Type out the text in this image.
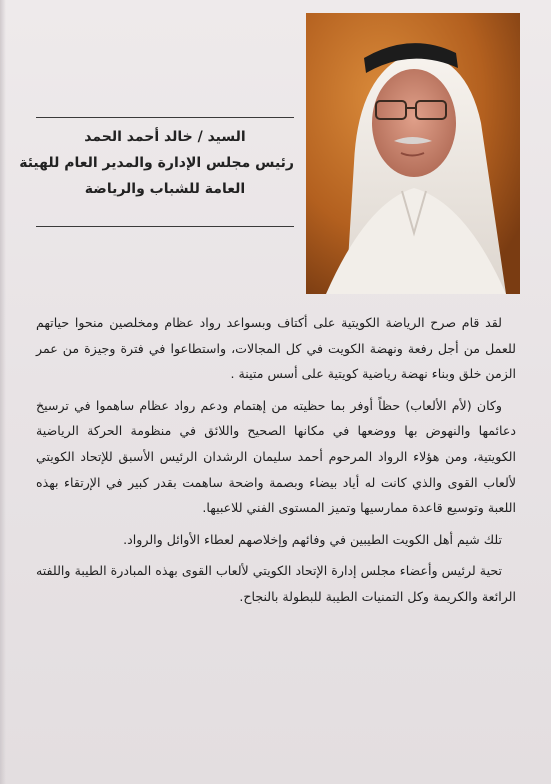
السيد / خالد أحمد الحمد
رئيس مجلس الإدارة والمدير العام للهيئة
العامة للشباب والرياضة

لقد قام صرح الرياضة الكويتية على أكتاف وبسواعد رواد عظام ومخلصين منحوا حياتهم للعمل من أجل رفعة ونهضة الكويت في كل المجالات، واستطاعوا في فترة وجيزة من عمر الزمن خلق وبناء نهضة رياضية كويتية على أسس متينة .

وكان (لأم الألعاب) حظاً أوفر بما حظيته من إهتمام ودعم رواد عظام ساهموا في ترسيخ دعائمها والنهوض بها ووضعها في مكانها الصحيح واللائق في منظومة الحركة الرياضية الكويتية، ومن هؤلاء الرواد المرحوم أحمد سليمان الرشدان الرئيس الأسبق للإتحاد الكويتي لألعاب القوى والذي كانت له أياد بيضاء وبصمة واضحة ساهمت بقدر كبير في الإرتقاء بهذه اللعبة وتوسيع قاعدة ممارسيها وتميز المستوى الفني للاعبيها.

تلك شيم أهل الكويت الطيبين في وفائهم وإخلاصهم لعطاء الأوائل والرواد.

تحية لرئيس وأعضاء مجلس إدارة الإتحاد الكويتي لألعاب القوى بهذه المبادرة الطيبة واللفته الرائعة والكريمة وكل التمنيات الطيبة للبطولة بالنجاح.
